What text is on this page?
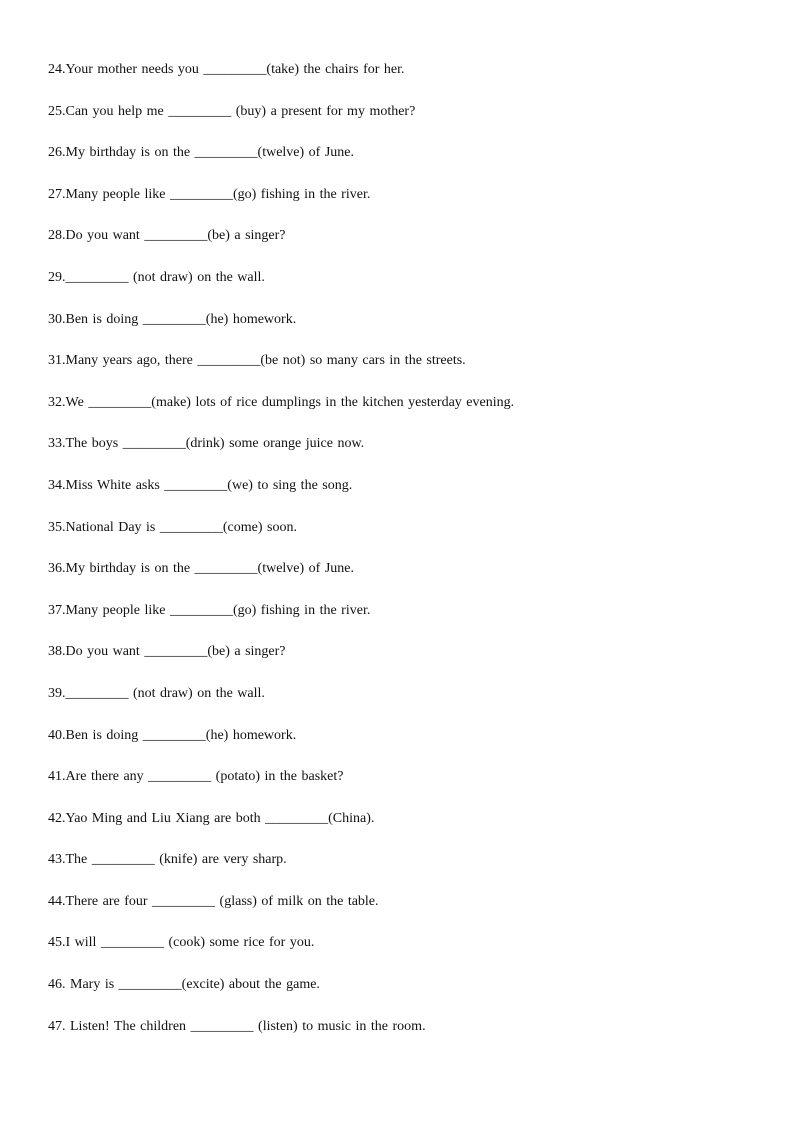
24.Your mother needs you _________(take) the chairs for her.
25.Can you help me _________ (buy) a present for my mother?
26.My birthday is on the _________(twelve) of June.
27.Many people like _________(go) fishing in the river.
28.Do you want _________(be) a singer?
29._________ (not draw) on the wall.
30.Ben is doing _________(he) homework.
31.Many years ago, there _________(be not) so many cars in the streets.
32.We _________(make) lots of rice dumplings in the kitchen yesterday evening.
33.The boys _________(drink) some orange juice now.
34.Miss White asks _________(we) to sing the song.
35.National Day is _________(come) soon.
36.My birthday is on the _________(twelve) of June.
37.Many people like _________(go) fishing in the river.
38.Do you want _________(be) a singer?
39._________ (not draw) on the wall.
40.Ben is doing _________(he) homework.
41.Are there any _________ (potato) in the basket?
42.Yao Ming and Liu Xiang are both _________(China).
43.The _________ (knife) are very sharp.
44.There are four _________ (glass) of milk on the table.
45.I will _________ (cook) some rice for you.
46. Mary is _________(excite) about the game.
47. Listen! The children _________ (listen) to music in the room.
